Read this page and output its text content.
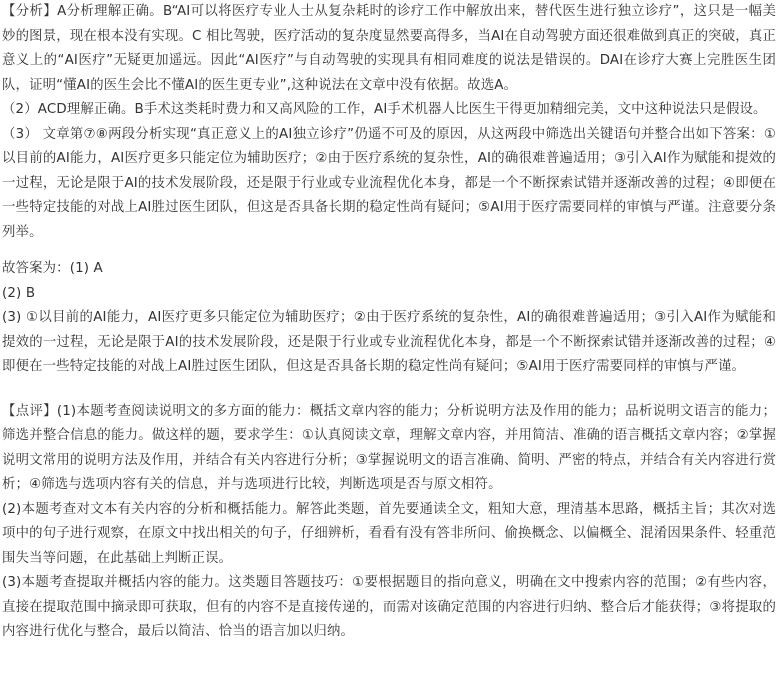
【分析】A分析理解正确。B“AI可以将医疗专业人士从复杂耗时的诊疗工作中解放出来，替代医生进行独立诊疗”，这只是一幅美妙的图景，现在根本没有实现。C 相比驾驶，医疗活动的复杂度显然要高得多，当AI在自动驾驶方面还很难做到真正的突破，真正意义上的“AI医疗”无疑更加遥远。因此“AI医疗”与自动驾驶的实现具有相同难度的说法是错误的。DAI在诊疗大赛上完胜医生团队，证明“懂AI的医生会比不懂AI的医生更专业”,这种说法在文章中没有依据。故选A。

（2）ACD理解正确。B手术这类耗时费力和又高风险的工作，AI手术机器人比医生干得更加精细完美，文中这种说法只是假设。

（3） 文章第⑦⑧两段分析实现“真正意义上的AI独立诊疗”仍遥不可及的原因，从这两段中筛选出关键语句并整合出如下答案：①以目前的AI能力，AI医疗更多只能定位为辅助医疗；②由于医疗系统的复杂性，AI的确很难普遍适用；③引入AI作为赋能和提效的一过程，无论是限于AI的技术发展阶段，还是限于行业或专业流程优化本身，都是一个不断探索试错并逐渐改善的过程；④即便在一些特定技能的对战上AI胜过医生团队，但这是否具备长期的稳定性尚有疑问；⑤AI用于医疗需要同样的审慎与严谨。注意要分条列举。

故答案为：(1) A

(2) B

(3) ①以目前的AI能力，AI医疗更多只能定位为辅助医疗；②由于医疗系统的复杂性，AI的确很难普遍适用；③引入AI作为赋能和提效的一过程，无论是限于AI的技术发展阶段，还是限于行业或专业流程优化本身，都是一个不断探索试错并逐渐改善的过程；④即便在一些特定技能的对战上AI胜过医生团队，但这是否具备长期的稳定性尚有疑问；⑤AI用于医疗需要同样的审慎与严谨。

【点评】(1)本题考查阅读说明文的多方面的能力：概括文章内容的能力；分析说明方法及作用的能力；品析说明文语言的能力；筛选并整合信息的能力。做这样的题，要求学生：①认真阅读文章，理解文章内容，并用简洁、准确的语言概括文章内容；②掌握说明文常用的说明方法及作用，并结合有关内容进行分析；③掌握说明文的语言准确、简明、严密的特点，并结合有关内容进行赏析；④筛选与选项内容有关的信息，并与选项进行比较，判断选项是否与原文相符。

(2)本题考查对文本有关内容的分析和概括能力。解答此类题，首先要通读全文，粗知大意，理清基本思路，概括主旨；其次对选项中的句子进行观察，在原文中找出相关的句子，仔细辨析，看看有没有答非所问、偷换概念、以偏概全、混淆因果条件、轻重范围失当等问题，在此基础上判断正误。

(3)本题考查提取并概括内容的能力。这类题目答题技巧：①要根据题目的指向意义，明确在文中搜索内容的范围；②有些内容，直接在提取范围中摘录即可获取，但有的内容不是直接传递的，而需对该确定范围的内容进行归纳、整合后才能获得；③将提取的内容进行优化与整合，最后以简洁、恰当的语言加以归纳。
